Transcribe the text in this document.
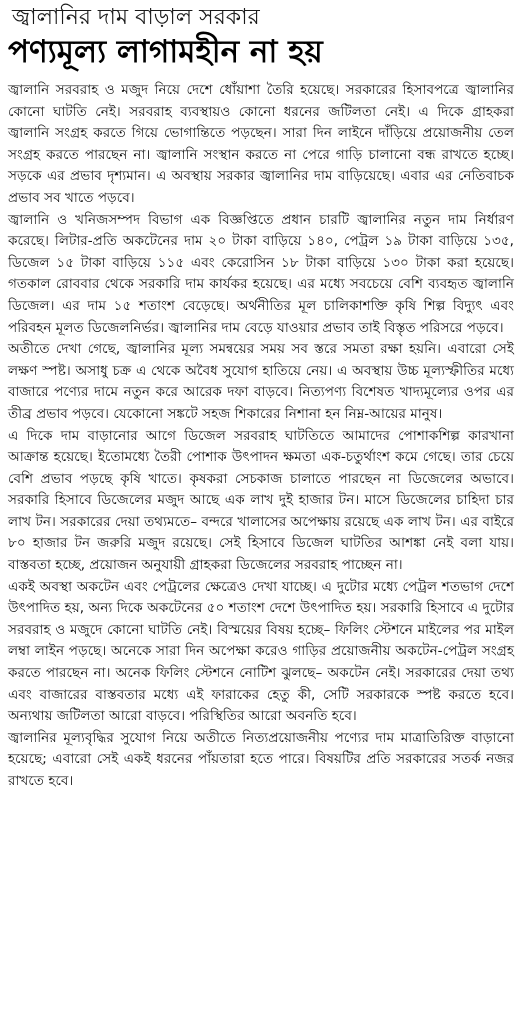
জ্বালানির দাম বাড়াল সরকার
পণ্যমূল্য লাগামহীন না হয়

জ্বালানি সরবরাহ ও মজুদ নিয়ে দেশে ধোঁয়াশা তৈরি হয়েছে। সরকারের হিসাবপত্রে জ্বালানির কোনো ঘাটতি নেই। সরবরাহ ব্যবস্থায়ও কোনো ধরনের জটিলতা নেই। এ দিকে গ্রাহকরা জ্বালানি সংগ্রহ করতে গিয়ে ভোগান্তিতে পড়ছেন। সারা দিন লাইনে দাঁড়িয়ে প্রয়োজনীয় তেল সংগ্রহ করতে পারছেন না। জ্বালানি সংস্থান করতে না পেরে গাড়ি চালানো বন্ধ রাখতে হচ্ছে। সড়কে এর প্রভাব দৃশ্যমান। এ অবস্থায় সরকার জ্বালানির দাম বাড়িয়েছে। এবার এর নেতিবাচক প্রভাব সব খাতে পড়বে।

জ্বালানি ও খনিজসম্পদ বিভাগ এক বিজ্ঞপ্তিতে প্রধান চারটি জ্বালানির নতুন দাম নির্ধারণ করেছে। লিটার-প্রতি অকটেনের দাম ২০ টাকা বাড়িয়ে ১৪০, পেট্রল ১৯ টাকা বাড়িয়ে ১৩৫, ডিজেল ১৫ টাকা বাড়িয়ে ১১৫ এবং কেরোসিন ১৮ টাকা বাড়িয়ে ১৩০ টাকা করা হয়েছে। গতকাল রোববার থেকে সরকারি দাম কার্যকর হয়েছে। এর মধ্যে সবচেয়ে বেশি ব্যবহৃত জ্বালানি ডিজেল। এর দাম ১৫ শতাংশ বেড়েছে। অর্থনীতির মূল চালিকাশক্তি কৃষি শিল্প বিদ্যুৎ এবং পরিবহন মূলত ডিজেলনির্ভর। জ্বালানির দাম বেড়ে যাওয়ার প্রভাব তাই বিস্তৃত পরিসরে পড়বে।

অতীতে দেখা গেছে, জ্বালানির মূল্য সমন্বয়ের সময় সব স্তরে সমতা রক্ষা হয়নি। এবারো সেই লক্ষণ স্পষ্ট। অসাধু চক্র এ থেকে অবৈধ সুযোগ হাতিয়ে নেয়। এ অবস্থায় উচ্চ মূল্যস্ফীতির মধ্যে বাজারে পণ্যের দামে নতুন করে আরেক দফা বাড়বে। নিত্যপণ্য বিশেষত খাদ্যমূল্যের ওপর এর তীব্র প্রভাব পড়বে। যেকোনো সঙ্কটে সহজ শিকারের নিশানা হন নিম্ন-আয়ের মানুষ।

এ দিকে দাম বাড়ানোর আগে ডিজেল সরবরাহ ঘাটতিতে আমাদের পোশাকশিল্প কারখানা আক্রান্ত হয়েছে। ইতোমধ্যে তৈরী পোশাক উৎপাদন ক্ষমতা এক-চতুর্থাংশ কমে গেছে। তার চেয়ে বেশি প্রভাব পড়ছে কৃষি খাতে। কৃষকরা সেচকাজ চালাতে পারছেন না ডিজেলের অভাবে। সরকারি হিসাবে ডিজেলের মজুদ আছে এক লাখ দুই হাজার টন। মাসে ডিজেলের চাহিদা চার লাখ টন। সরকারের দেয়া তথ্যমতে– বন্দরে খালাসের অপেক্ষায় রয়েছে এক লাখ টন। এর বাইরে ৮০ হাজার টন জরুরি মজুদ রয়েছে। সেই হিসাবে ডিজেল ঘাটতির আশঙ্কা নেই বলা যায়। বাস্তবতা হচ্ছে, প্রয়োজন অনুযায়ী গ্রাহকরা ডিজেলের সরবরাহ পাচ্ছেন না।

একই অবস্থা অকটেন এবং পেট্রলের ক্ষেত্রেও দেখা যাচ্ছে। এ দুটোর মধ্যে পেট্রল শতভাগ দেশে উৎপাদিত হয়, অন্য দিকে অকটেনের ৫০ শতাংশ দেশে উৎপাদিত হয়। সরকারি হিসাবে এ দুটোর সরবরাহ ও মজুদে কোনো ঘাটতি নেই। বিস্ময়ের বিষয় হচ্ছে– ফিলিং স্টেশনে মাইলের পর মাইল লম্বা লাইন পড়ছে। অনেকে সারা দিন অপেক্ষা করেও গাড়ির প্রয়োজনীয় অকটেন-পেট্রল সংগ্রহ করতে পারছেন না। অনেক ফিলিং স্টেশনে নোটিশ ঝুলছে– অকটেন নেই। সরকারের দেয়া তথ্য এবং বাজারের বাস্তবতার মধ্যে এই ফারাকের হেতু কী, সেটি সরকারকে স্পষ্ট করতে হবে। অন্যথায় জটিলতা আরো বাড়বে। পরিস্থিতির আরো অবনতি হবে।

জ্বালানির মূল্যবৃদ্ধির সুযোগ নিয়ে অতীতে নিত্যপ্রয়োজনীয় পণ্যের দাম মাত্রাতিরিক্ত বাড়ানো হয়েছে; এবারো সেই একই ধরনের পাঁয়তারা হতে পারে। বিষয়টির প্রতি সরকারের সতর্ক নজর রাখতে হবে।
